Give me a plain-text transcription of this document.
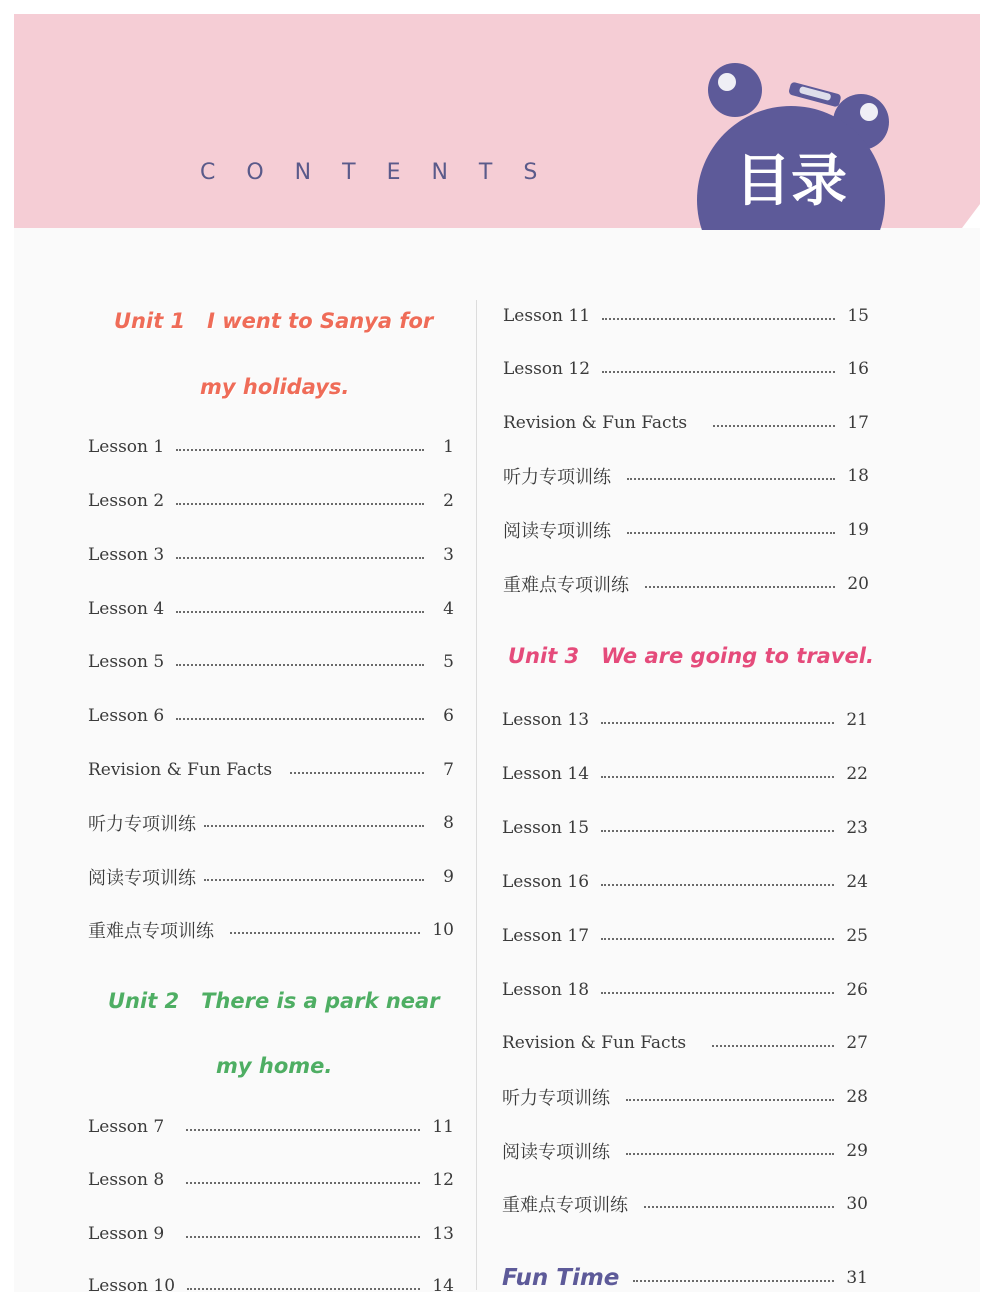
CONTENTS	目录
Unit 1   I went to Sanya for
my holidays.
Lesson 1	1
Lesson 2	2
Lesson 3	3
Lesson 4	4
Lesson 5	5
Lesson 6	6
Revision & Fun Facts	7
听力专项训练	8
阅读专项训练	9
重难点专项训练	10
Unit 2   There is a park near
my home.
Lesson 7	11
Lesson 8	12
Lesson 9	13
Lesson 10	14
Lesson 11	15
Lesson 12	16
Revision & Fun Facts	17
听力专项训练	18
阅读专项训练	19
重难点专项训练	20
Unit 3   We are going to travel.
Lesson 13	21
Lesson 14	22
Lesson 15	23
Lesson 16	24
Lesson 17	25
Lesson 18	26
Revision & Fun Facts	27
听力专项训练	28
阅读专项训练	29
重难点专项训练	30
Fun Time	31
